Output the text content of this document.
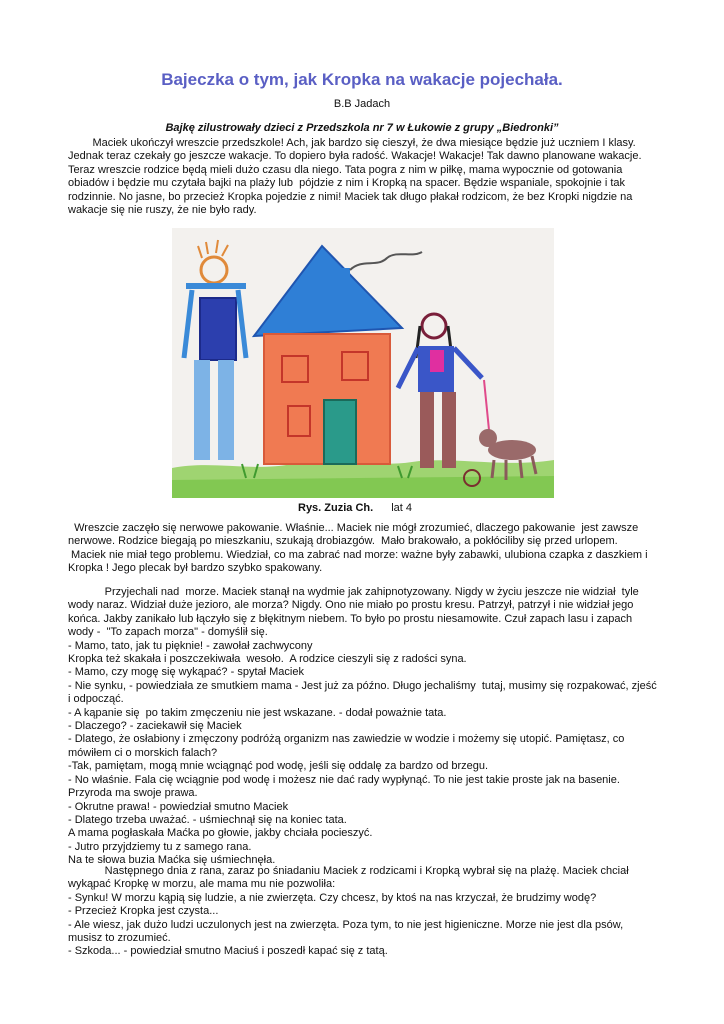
Bajeczka o tym, jak Kropka na wakacje pojechała.
B.B Jadach
Bajkę zilustrowały dzieci z Przedszkola nr 7 w Łukowie z grupy „Biedronki”
Maciek ukończył wreszcie przedszkole! Ach, jak bardzo się cieszył, że dwa miesiące będzie już uczniem I klasy.
Jednak teraz czekały go jeszcze wakacje. To dopiero była radość. Wakacje! Wakacje! Tak dawno planowane wakacje.
Teraz wreszcie rodzice będą mieli dużo czasu dla niego. Tata pogra z nim w piłkę, mama wypocznie od gotowania
obiadów i będzie mu czytała bajki na plaży lub  pójdzie z nim i Kropką na spacer. Będzie wspaniale, spokojnie i tak
rodzinnie. No jasne, bo przecież Kropka pojedzie z nimi! Maciek tak długo płakał rodzicom, że bez Kropki nigdzie na
wakacje się nie ruszy, że nie było rady.
Rys. Zuzia Ch. lat 4
Wreszcie zaczęło się nerwowe pakowanie. Właśnie... Maciek nie mógł zrozumieć, dlaczego pakowanie  jest zawsze
nerwowe. Rodzice biegają po mieszkaniu, szukają drobiazgów.  Mało brakowało, a pokłóciliby się przed urlopem.
Maciek nie miał tego problemu. Wiedział, co ma zabrać nad morze: ważne były zabawki, ulubiona czapka z daszkiem i
Kropka ! Jego plecak był bardzo szybko spakowany.
Przyjechali nad  morze. Maciek stanął na wydmie jak zahipnotyzowany. Nigdy w życiu jeszcze nie widział  tyle
wody naraz. Widział duże jezioro, ale morza? Nigdy. Ono nie miało po prostu kresu. Patrzył, patrzył i nie widział jego
końca. Jakby zanikało lub łączyło się z błękitnym niebem. To było po prostu niesamowite. Czuł zapach lasu i zapach
wody -  "To zapach morza" - domyślił się.
- Mamo, tato, jak tu pięknie! - zawołał zachwycony
Kropka też skakała i poszczekiwała  wesoło.  A rodzice cieszyli się z radości syna.
- Mamo, czy mogę się wykąpać? - spytał Maciek
- Nie synku, - powiedziała ze smutkiem mama - Jest już za późno. Długo jechaliśmy  tutaj, musimy się rozpakować, zjeść
i odpocząć.
- A kąpanie się  po takim zmęczeniu nie jest wskazane. - dodał poważnie tata.
- Dlaczego? - zaciekawił się Maciek
- Dlatego, że osłabiony i zmęczony podróżą organizm nas zawiedzie w wodzie i możemy się utopić. Pamiętasz, co
mówiłem ci o morskich falach?
-Tak, pamiętam, mogą mnie wciągnąć pod wodę, jeśli się oddalę za bardzo od brzegu.
- No właśnie. Fala cię wciągnie pod wodę i możesz nie dać rady wypłynąć. To nie jest takie proste jak na basenie.
Przyroda ma swoje prawa.
- Okrutne prawa! - powiedział smutno Maciek
- Dlatego trzeba uważać. - uśmiechnął się na koniec tata.
A mama pogłaskała Maćka po głowie, jakby chciała pocieszyć.
- Jutro przyjdziemy tu z samego rana.
Na te słowa buzia Maćka się uśmiechnęła.
Następnego dnia z rana, zaraz po śniadaniu Maciek z rodzicami i Kropką wybrał się na plażę. Maciek chciał
wykąpać Kropkę w morzu, ale mama mu nie pozwoliła:
- Synku! W morzu kąpią się ludzie, a nie zwierzęta. Czy chcesz, by ktoś na nas krzyczał, że brudzimy wodę?
- Przecież Kropka jest czysta...
- Ale wiesz, jak dużo ludzi uczulonych jest na zwierzęta. Poza tym, to nie jest higieniczne. Morze nie jest dla psów,
musisz to zrozumieć.
- Szkoda... - powiedział smutno Maciuś i poszedł kapać się z tatą.
